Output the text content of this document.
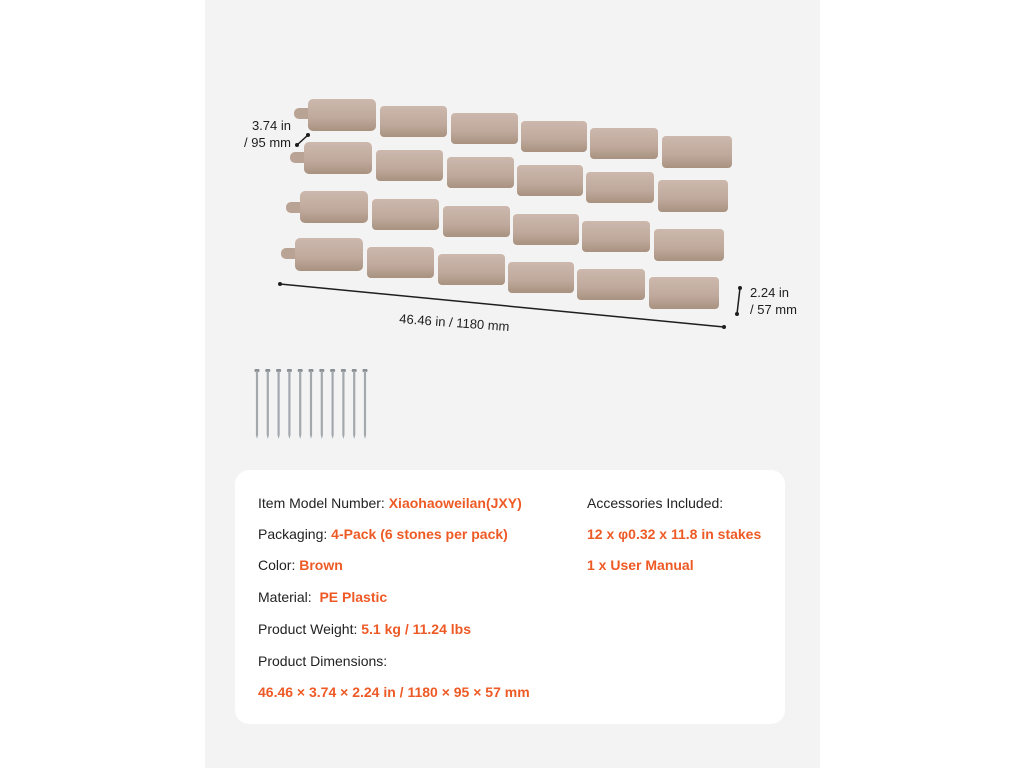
3.74 in
/ 95 mm
2.24 in
/ 57 mm
46.46 in / 1180 mm
Item Model Number: Xiaohaoweilan(JXY)
Packaging: 4-Pack (6 stones per pack)
Color: Brown
Material:  PE Plastic
Product Weight: 5.1 kg / 11.24 lbs
Product Dimensions:
46.46 × 3.74 × 2.24 in / 1180 × 95 × 57 mm
Accessories Included:
12 x φ0.32 x 11.8 in stakes
1 x User Manual
